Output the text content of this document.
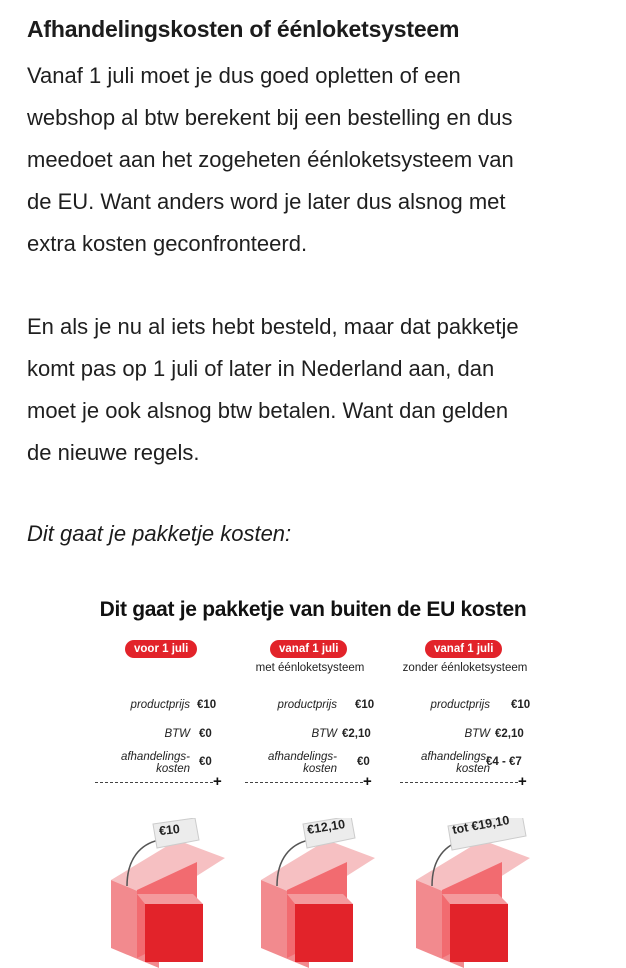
Afhandelingskosten of éénloketsysteem
Vanaf 1 juli moet je dus goed opletten of een
webshop al btw berekent bij een bestelling en dus
meedoet aan het zogeheten éénloketsysteem van
de EU. Want anders word je later dus alsnog met
extra kosten geconfronteerd.
En als je nu al iets hebt besteld, maar dat pakketje
komt pas op 1 juli of later in Nederland aan, dan
moet je ook alsnog btw betalen. Want dan gelden
de nieuwe regels.
Dit gaat je pakketje kosten:
Dit gaat je pakketje van buiten de EU kosten
voor 1 juli
productprijs €10
BTW €0
afhandelings-
kosten
€0
+
€10
vanaf 1 juli
met éénloketsysteem
productprijs €10
BTW €2,10
afhandelings-
kosten
€0
+
€12,10
vanaf 1 juli
zonder éénloketsysteem
productprijs €10
BTW €2,10
afhandelings-
kosten
€4 - €7
+
tot €19,10
